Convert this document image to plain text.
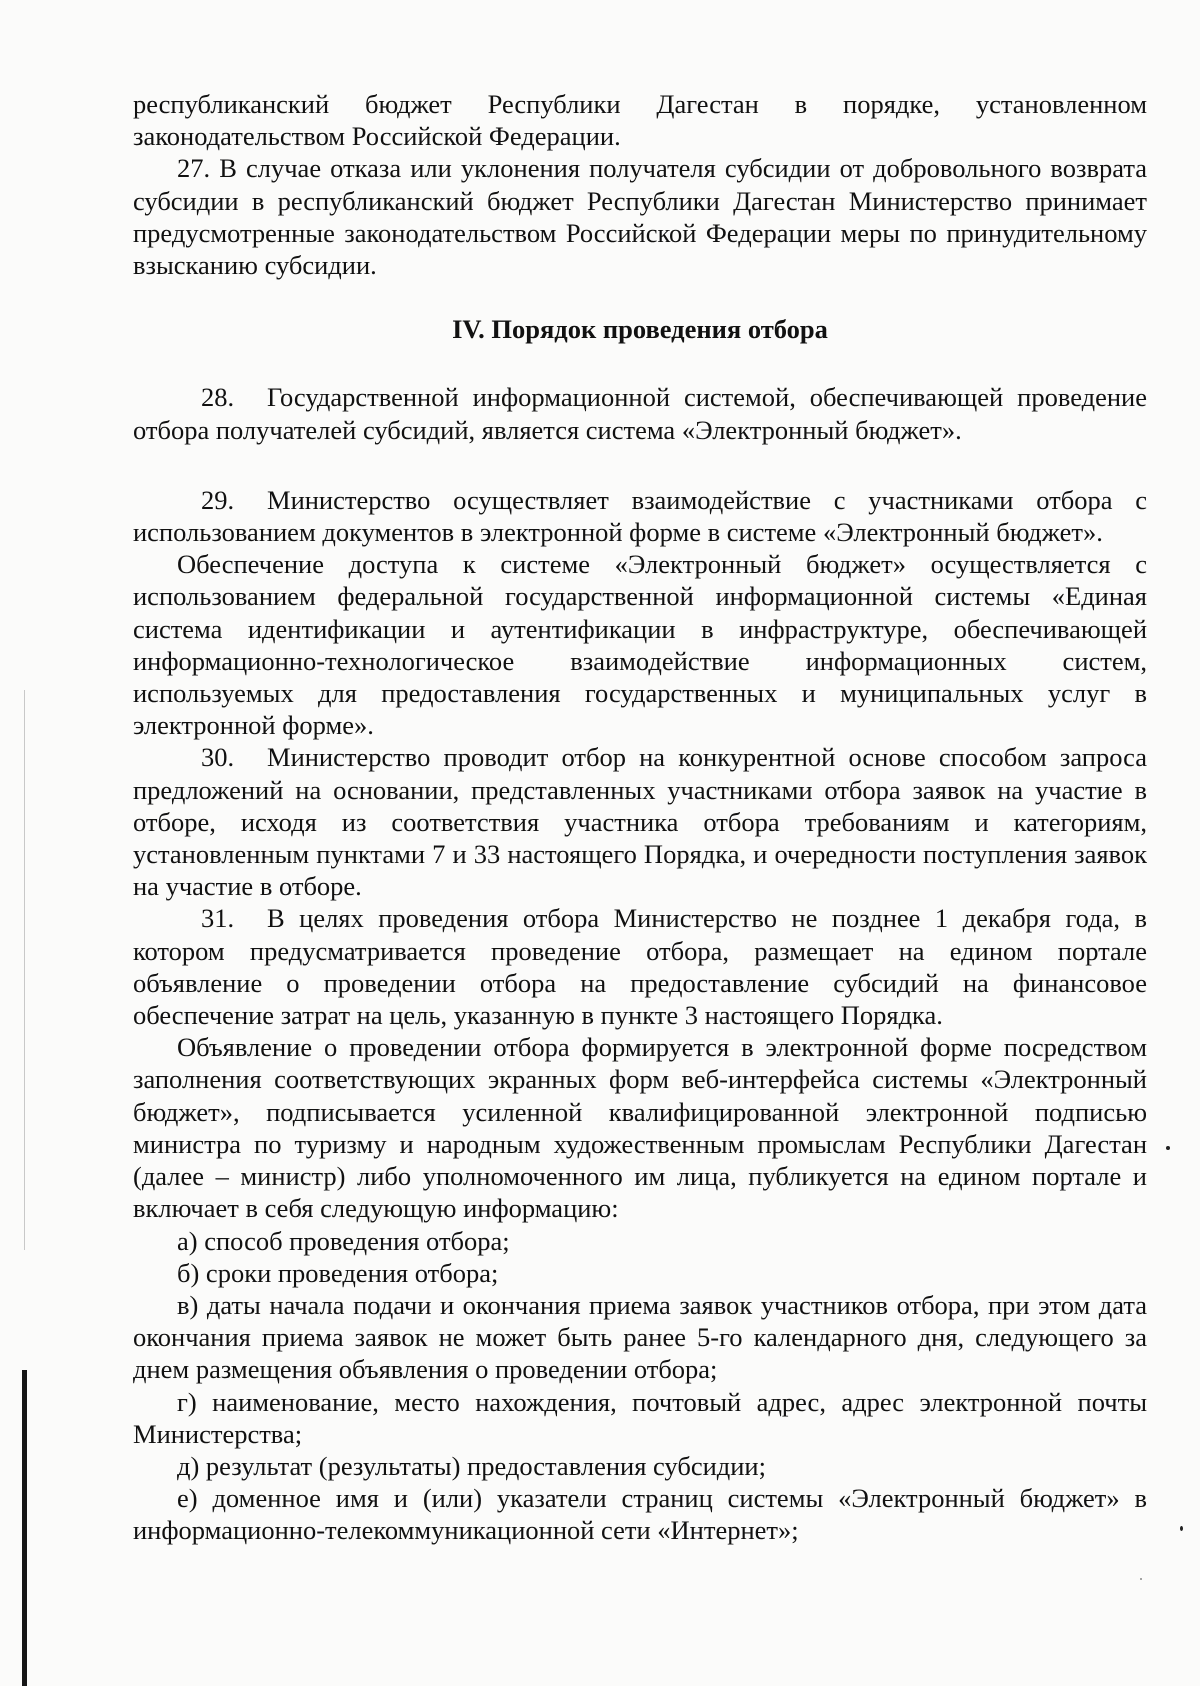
республиканский бюджет Республики Дагестан в порядке, установленном законодательством Российской Федерации.

27. В случае отказа или уклонения получателя субсидии от добровольного возврата субсидии в республиканский бюджет Республики Дагестан Министерство принимает предусмотренные законодательством Российской Федерации меры по принудительному взысканию субсидии.

IV. Порядок проведения отбора

28. Государственной информационной системой, обеспечивающей проведение отбора получателей субсидий, является система «Электронный бюджет».

29. Министерство осуществляет взаимодействие с участниками отбора с использованием документов в электронной форме в системе «Электронный бюджет».

Обеспечение доступа к системе «Электронный бюджет» осуществляется с использованием федеральной государственной информационной системы «Единая система идентификации и аутентификации в инфраструктуре, обеспечивающей информационно-технологическое взаимодействие информационных систем, используемых для предоставления государственных и муниципальных услуг в электронной форме».

30. Министерство проводит отбор на конкурентной основе способом запроса предложений на основании, представленных участниками отбора заявок на участие в отборе, исходя из соответствия участника отбора требованиям и категориям, установленным пунктами 7 и 33 настоящего Порядка, и очередности поступления заявок на участие в отборе.

31. В целях проведения отбора Министерство не позднее 1 декабря года, в котором предусматривается проведение отбора, размещает на едином портале объявление о проведении отбора на предоставление субсидий на финансовое обеспечение затрат на цель, указанную в пункте 3 настоящего Порядка.

Объявление о проведении отбора формируется в электронной форме посредством заполнения соответствующих экранных форм веб-интерфейса системы «Электронный бюджет», подписывается усиленной квалифицированной электронной подписью министра по туризму и народным художественным промыслам Республики Дагестан (далее – министр) либо уполномоченного им лица, публикуется на едином портале и включает в себя следующую информацию:

а) способ проведения отбора;

б) сроки проведения отбора;

в) даты начала подачи и окончания приема заявок участников отбора, при этом дата окончания приема заявок не может быть ранее 5-го календарного дня, следующего за днем размещения объявления о проведении отбора;

г) наименование, место нахождения, почтовый адрес, адрес электронной почты Министерства;

д) результат (результаты) предоставления субсидии;

е) доменное имя и (или) указатели страниц системы «Электронный бюджет» в информационно-телекоммуникационной сети «Интернет»;
